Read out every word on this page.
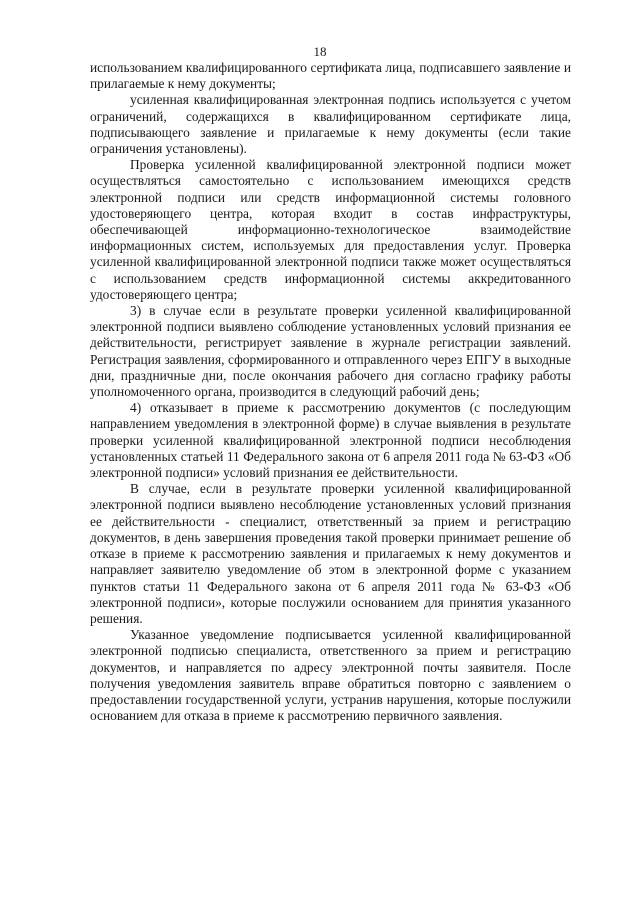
18

использованием квалифицированного сертификата лица, подписавшего заявление и прилагаемые к нему документы;

усиленная квалифицированная электронная подпись используется с учетом ограничений, содержащихся в квалифицированном сертификате лица, подписывающего заявление и прилагаемые к нему документы (если такие ограничения установлены).

Проверка усиленной квалифицированной электронной подписи может осуществляться самостоятельно с использованием имеющихся средств электронной подписи или средств информационной системы головного удостоверяющего центра, которая входит в состав инфраструктуры, обеспечивающей информационно-технологическое взаимодействие информационных систем, используемых для предоставления услуг. Проверка усиленной квалифицированной электронной подписи также может осуществляться с использованием средств информационной системы аккредитованного удостоверяющего центра;

3) в случае если в результате проверки усиленной квалифицированной электронной подписи выявлено соблюдение установленных условий признания ее действительности, регистрирует заявление в журнале регистрации заявлений. Регистрация заявления, сформированного и отправленного через ЕПГУ в выходные дни, праздничные дни, после окончания рабочего дня согласно графику работы уполномоченного органа, производится в следующий рабочий день;

4) отказывает в приеме к рассмотрению документов (с последующим направлением уведомления в электронной форме) в случае выявления в результате проверки усиленной квалифицированной электронной подписи несоблюдения установленных статьей 11 Федерального закона от 6 апреля 2011 года № 63-ФЗ «Об электронной подписи» условий признания ее действительности.

В случае, если в результате проверки усиленной квалифицированной электронной подписи выявлено несоблюдение установленных условий признания ее действительности - специалист, ответственный за прием и регистрацию документов, в день завершения проведения такой проверки принимает решение об отказе в приеме к рассмотрению заявления и прилагаемых к нему документов и направляет заявителю уведомление об этом в электронной форме с указанием пунктов статьи 11 Федерального закона от 6 апреля 2011 года № 63-ФЗ «Об электронной подписи», которые послужили основанием для принятия указанного решения.

Указанное уведомление подписывается усиленной квалифицированной электронной подписью специалиста, ответственного за прием и регистрацию документов, и направляется по адресу электронной почты заявителя. После получения уведомления заявитель вправе обратиться повторно с заявлением о предоставлении государственной услуги, устранив нарушения, которые послужили основанием для отказа в приеме к рассмотрению первичного заявления.
